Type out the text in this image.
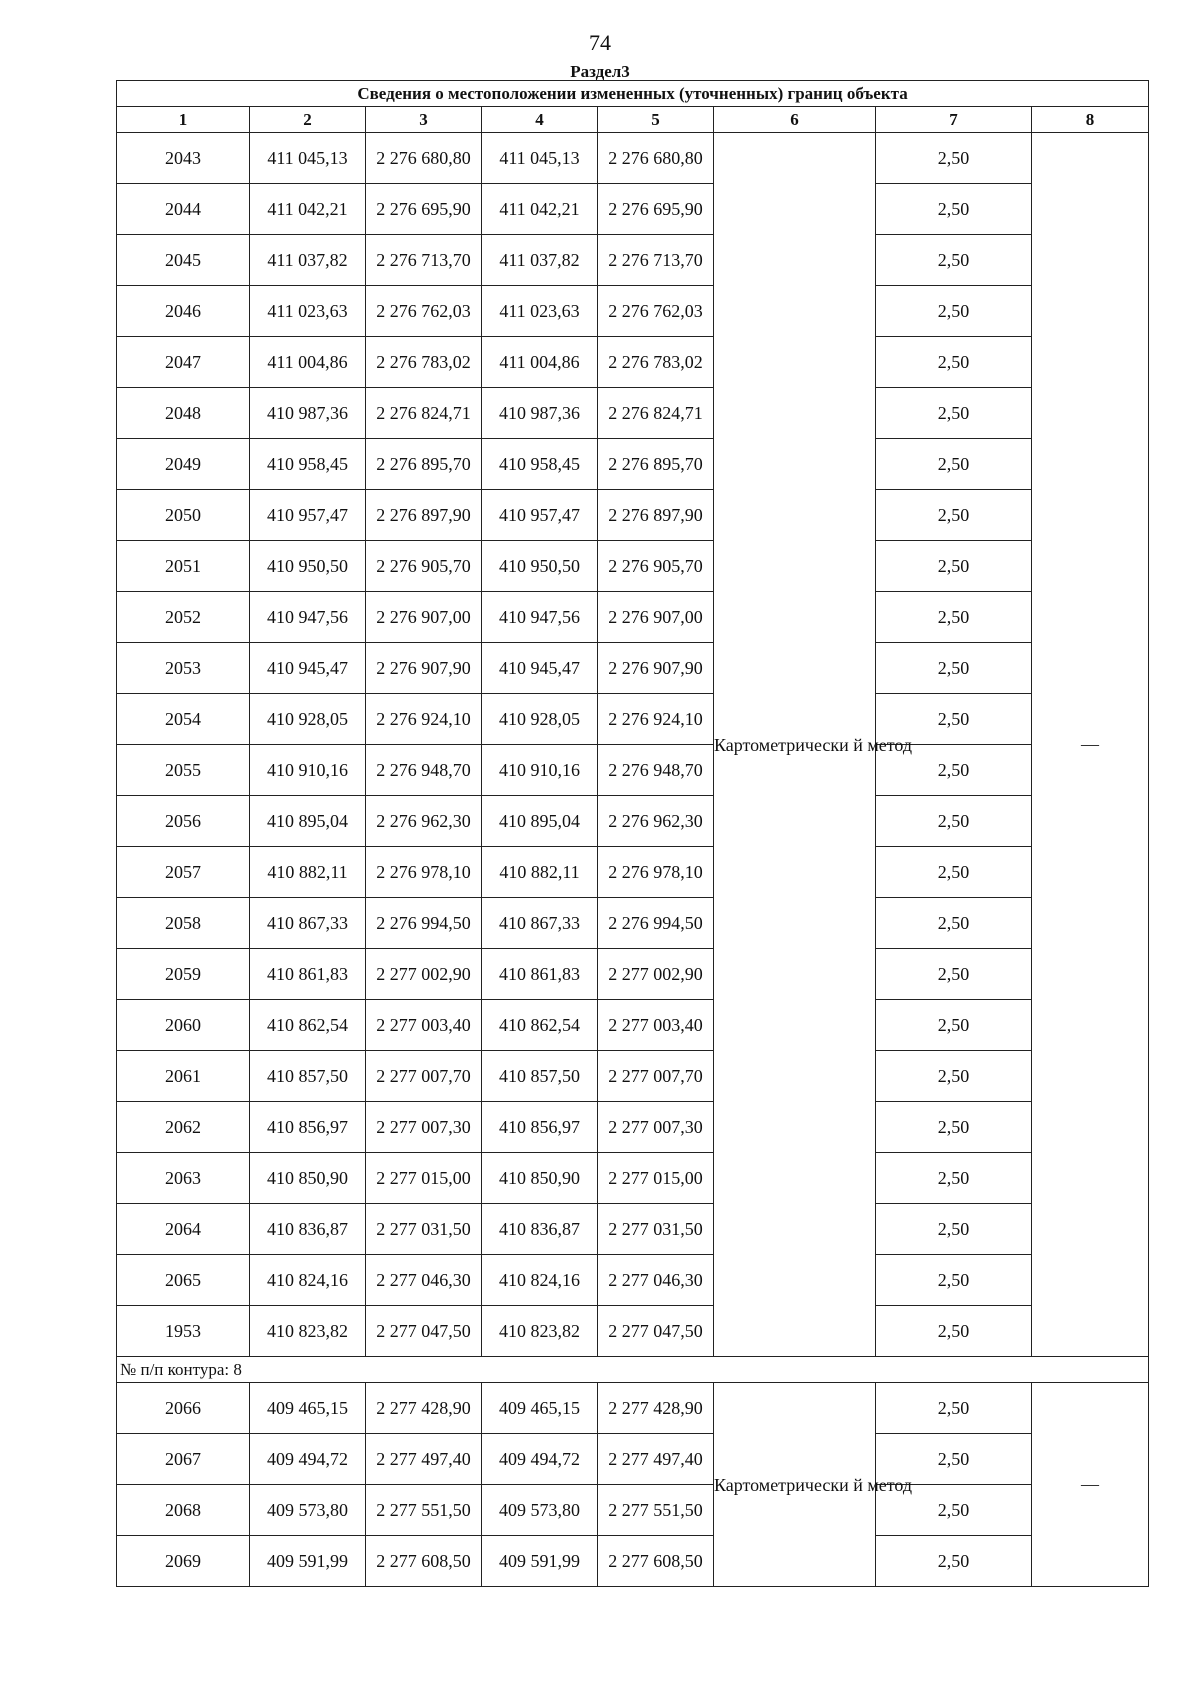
74
Раздел3
Сведения о местоположении измененных (уточненных) границ объекта							
1	2	3	4	5	6	7	8
2043	411 045,13	2 276 680,80	411 045,13	2 276 680,80	Картометрически й метод	2,50	—
2044	411 042,21	2 276 695,90	411 042,21	2 276 695,90		2,50	
2045	411 037,82	2 276 713,70	411 037,82	2 276 713,70		2,50	
2046	411 023,63	2 276 762,03	411 023,63	2 276 762,03		2,50	
2047	411 004,86	2 276 783,02	411 004,86	2 276 783,02		2,50	
2048	410 987,36	2 276 824,71	410 987,36	2 276 824,71		2,50	
2049	410 958,45	2 276 895,70	410 958,45	2 276 895,70		2,50	
2050	410 957,47	2 276 897,90	410 957,47	2 276 897,90		2,50	
2051	410 950,50	2 276 905,70	410 950,50	2 276 905,70		2,50	
2052	410 947,56	2 276 907,00	410 947,56	2 276 907,00		2,50	
2053	410 945,47	2 276 907,90	410 945,47	2 276 907,90		2,50	
2054	410 928,05	2 276 924,10	410 928,05	2 276 924,10		2,50	
2055	410 910,16	2 276 948,70	410 910,16	2 276 948,70		2,50	
2056	410 895,04	2 276 962,30	410 895,04	2 276 962,30		2,50	
2057	410 882,11	2 276 978,10	410 882,11	2 276 978,10		2,50	
2058	410 867,33	2 276 994,50	410 867,33	2 276 994,50		2,50	
2059	410 861,83	2 277 002,90	410 861,83	2 277 002,90		2,50	
2060	410 862,54	2 277 003,40	410 862,54	2 277 003,40		2,50	
2061	410 857,50	2 277 007,70	410 857,50	2 277 007,70		2,50	
2062	410 856,97	2 277 007,30	410 856,97	2 277 007,30		2,50	
2063	410 850,90	2 277 015,00	410 850,90	2 277 015,00		2,50	
2064	410 836,87	2 277 031,50	410 836,87	2 277 031,50		2,50	
2065	410 824,16	2 277 046,30	410 824,16	2 277 046,30		2,50	
1953	410 823,82	2 277 047,50	410 823,82	2 277 047,50		2,50	
№ п/п контура: 8							
2066	409 465,15	2 277 428,90	409 465,15	2 277 428,90	Картометрически й метод	2,50	—
2067	409 494,72	2 277 497,40	409 494,72	2 277 497,40		2,50	
2068	409 573,80	2 277 551,50	409 573,80	2 277 551,50		2,50	
2069	409 591,99	2 277 608,50	409 591,99	2 277 608,50		2,50	
